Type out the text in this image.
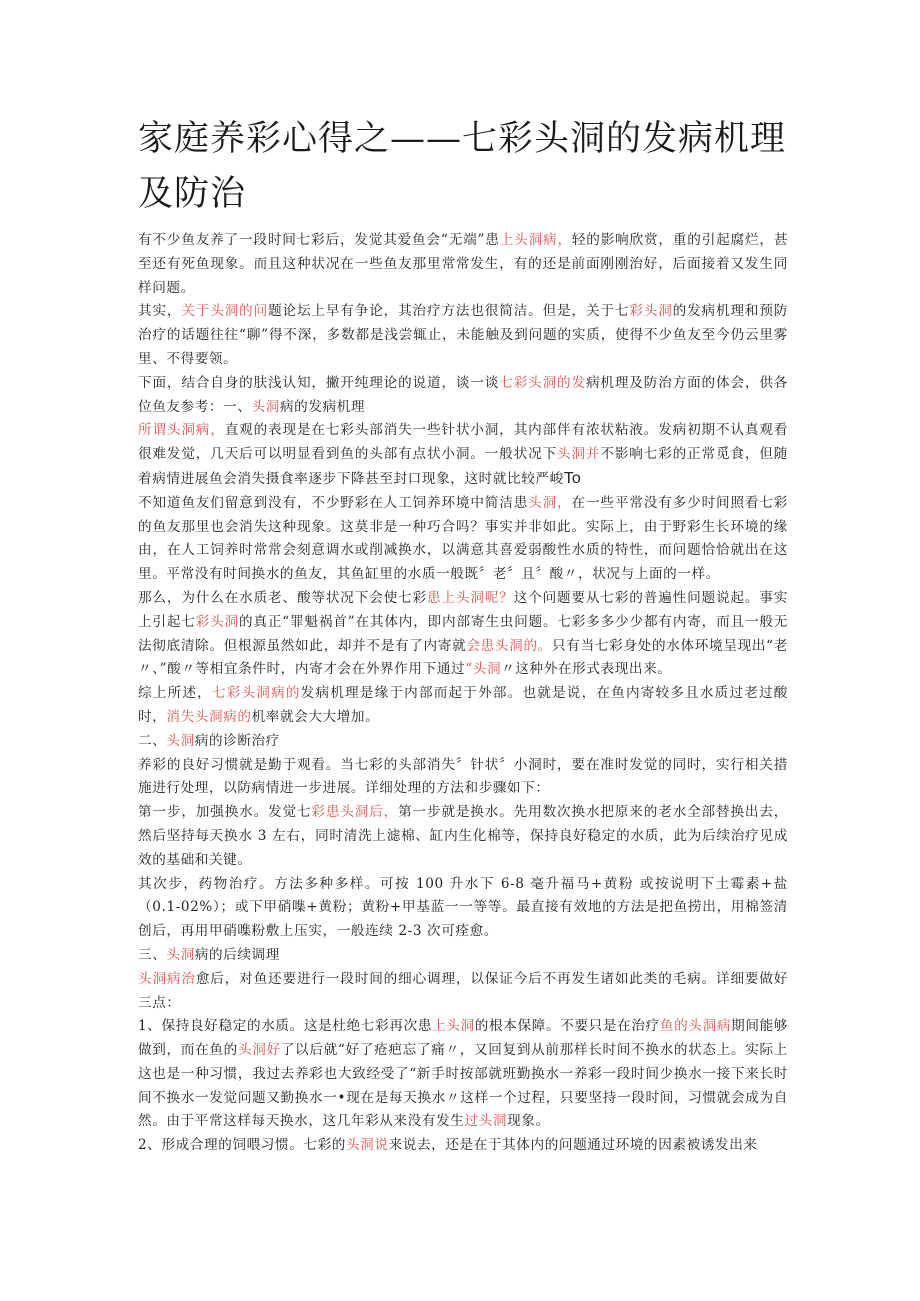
家庭养彩心得之——七彩头洞的发病机理及防治

有不少鱼友养了一段时间七彩后，发觉其爱鱼会“无端”患上头洞病，轻的影响欣赏，重的引起腐烂，甚至还有死鱼现象。而且这种状况在一些鱼友那里常常发生，有的还是前面刚刚治好，后面接着又发生同样问题。

其实，关于头洞的问题论坛上早有争论，其治疗方法也很简洁。但是，关于七彩头洞的发病机理和预防治疗的话题往往“聊”得不深，多数都是浅尝辄止，未能触及到问题的实质，使得不少鱼友至今仍云里雾里、不得要领。

下面，结合自身的肤浅认知，撇开纯理论的说道，谈一谈七彩头洞的发病机理及防治方面的体会，供各位鱼友参考：一、头洞病的发病机理

所谓头洞病，直观的表现是在七彩头部消失一些针状小洞，其内部伴有浓状粘液。发病初期不认真观看很难发觉，几天后可以明显看到鱼的头部有点状小洞。一般状况下头洞并不影响七彩的正常觅食，但随着病情进展鱼会消失摄食率逐步下降甚至封口现象，这时就比较严峻To

不知道鱼友们留意到没有，不少野彩在人工饲养环境中简洁患头洞，在一些平常没有多少时间照看七彩的鱼友那里也会消失这种现象。这莫非是一种巧合吗？事实并非如此。实际上，由于野彩生长环境的缘由，在人工饲养时常常会刻意调水或削减换水，以满意其喜爱弱酸性水质的特性，而问题恰恰就出在这里。平常没有时间换水的鱼友，其鱼缸里的水质一般既〞老〞且〞酸〃，状况与上面的一样。

那么，为什么在水质老、酸等状况下会使七彩患上头洞呢？这个问题要从七彩的普遍性问题说起。事实上引起七彩头洞的真正“罪魁祸首”在其体内，即内部寄生虫问题。七彩多多少少都有内寄，而且一般无法彻底清除。但根源虽然如此，却并不是有了内寄就会患头洞的。只有当七彩身处的水体环境呈现出“老〃、”酸〃等相宜条件时，内寄才会在外界作用下通过“头洞〃这种外在形式表现出来。

综上所述，七彩头洞病的发病机理是缘于内部而起于外部。也就是说，在鱼内寄较多且水质过老过酸时，消失头洞病的机率就会大大增加。

二、头洞病的诊断治疗

养彩的良好习惯就是勤于观看。当七彩的头部消失〞针状〞小洞时，要在准时发觉的同时，实行相关措施进行处理，以防病情进一步进展。详细处理的方法和步骤如下：

第一步，加强换水。发觉七彩患头洞后，第一步就是换水。先用数次换水把原来的老水全部替换出去，然后坚持每天换水 3 左右，同时清洗上滤棉、缸内生化棉等，保持良好稳定的水质，此为后续治疗见成效的基础和关键。

其次步，药物治疗。方法多种多样。可按 100 升水下 6-8 毫升福马+黄粉 或按说明下土霉素+盐（0.1-02%）；或下甲硝㗱+黄粉；黄粉+甲基蓝一一等等。最直接有效地的方法是把鱼捞出，用棉签清创后，再用甲硝㗱粉敷上压实，一般连续 2-3 次可痊愈。

三、头洞病的后续调理

头洞病治愈后，对鱼还要进行一段时间的细心调理，以保证今后不再发生诸如此类的毛病。详细要做好三点：

1、保持良好稳定的水质。这是杜绝七彩再次患上头洞的根本保障。不要只是在治疗鱼的头洞病期间能够做到，而在鱼的头洞好了以后就“好了疮疤忘了痛〃，又回复到从前那样长时间不换水的状态上。实际上这也是一种习惯，我过去养彩也大致经受了“新手时按部就班勤换水一养彩一段时间少换水一接下来长时间不换水一发觉问题又勤换水一•现在是每天换水〃这样一个过程，只要坚持一段时间，习惯就会成为自然。由于平常这样每天换水，这几年彩从来没有发生过头洞现象。

2、形成合理的饲喂习惯。七彩的头洞说来说去，还是在于其体内的问题通过环境的因素被诱发出来
